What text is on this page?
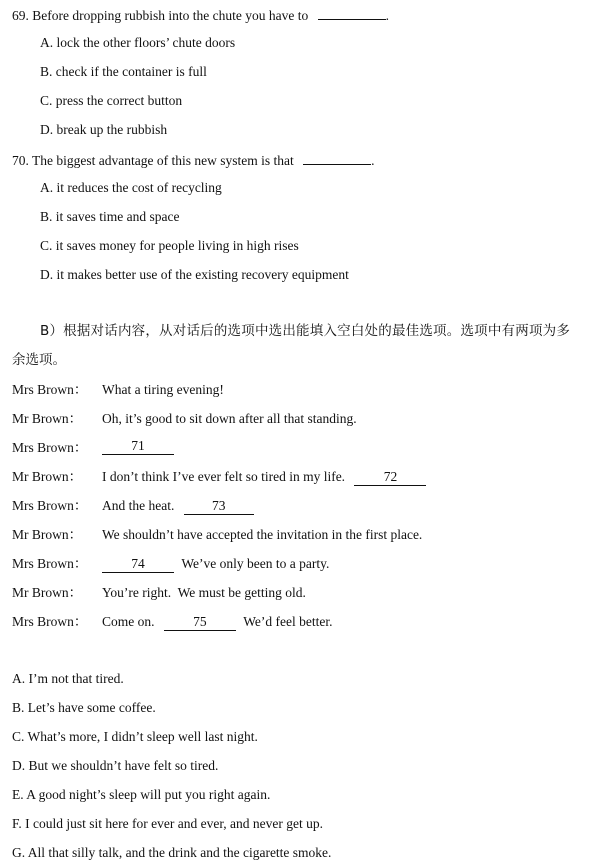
69. Before dropping rubbish into the chute you have to	.
A. lock the other floors’ chute doors
B. check if the container is full
C. press the correct button
D. break up the rubbish
70. The biggest advantage of this new system is that	.
A. it reduces the cost of recycling
B. it saves time and space
C. it saves money for people living in high rises
D. it makes better use of the existing recovery equipment
B）根据对话内容，从对话后的选项中选出能填入空白处的最佳选项。选项中有两项为多
余选项。
Mrs Brown： What a tiring evening!
Mr Brown： Oh, it’s good to sit down after all that standing.
Mrs Brown：	71
Mr Brown： I don’t think I’ve ever felt so tired in my life.	72
Mrs Brown： And the heat.	73
Mr Brown： We shouldn’t have accepted the invitation in the first place.
Mrs Brown：	74	We’ve only been to a party.
Mr Brown： You’re right.  We must be getting old.
Mrs Brown： Come on.	75	We’d feel better.
A. I’m not that tired.
B. Let’s have some coffee.
C. What’s more, I didn’t sleep well last night.
D. But we shouldn’t have felt so tired.
E. A good night’s sleep will put you right again.
F. I could just sit here for ever and ever, and never get up.
G. All that silly talk, and the drink and the cigarette smoke.
